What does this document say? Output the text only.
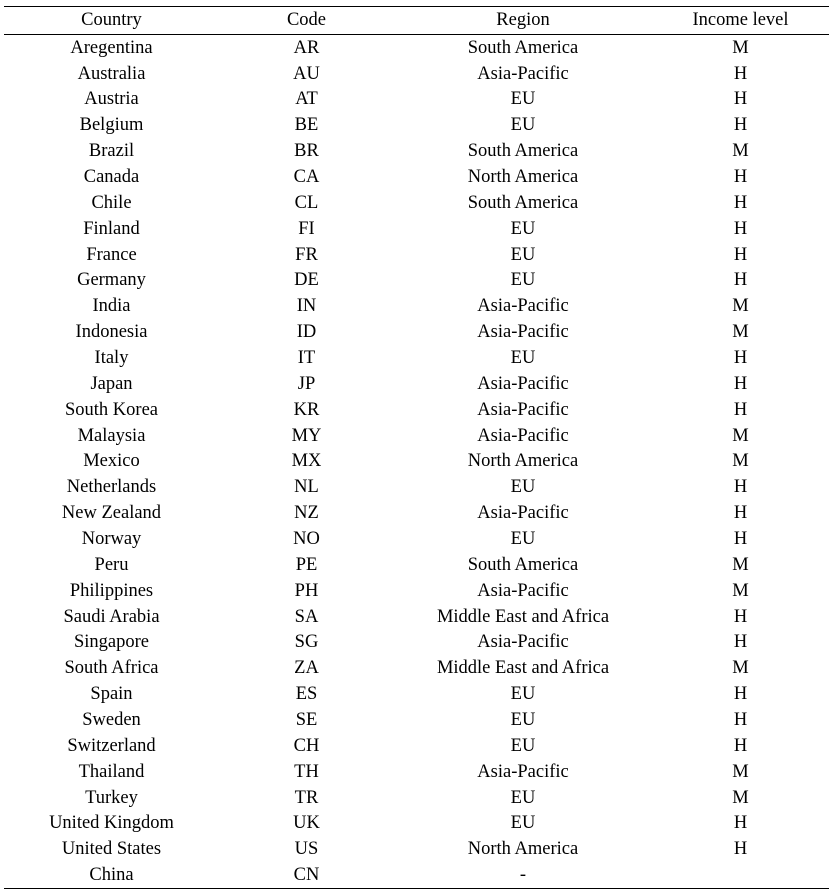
Country	Code	Region	Income level
Aregentina	AR	South America	M
Australia	AU	Asia-Pacific	H
Austria	AT	EU	H
Belgium	BE	EU	H
Brazil	BR	South America	M
Canada	CA	North America	H
Chile	CL	South America	H
Finland	FI	EU	H
France	FR	EU	H
Germany	DE	EU	H
India	IN	Asia-Pacific	M
Indonesia	ID	Asia-Pacific	M
Italy	IT	EU	H
Japan	JP	Asia-Pacific	H
South Korea	KR	Asia-Pacific	H
Malaysia	MY	Asia-Pacific	M
Mexico	MX	North America	M
Netherlands	NL	EU	H
New Zealand	NZ	Asia-Pacific	H
Norway	NO	EU	H
Peru	PE	South America	M
Philippines	PH	Asia-Pacific	M
Saudi Arabia	SA	Middle East and Africa	H
Singapore	SG	Asia-Pacific	H
South Africa	ZA	Middle East and Africa	M
Spain	ES	EU	H
Sweden	SE	EU	H
Switzerland	CH	EU	H
Thailand	TH	Asia-Pacific	M
Turkey	TR	EU	M
United Kingdom	UK	EU	H
United States	US	North America	H
China	CN	-	
